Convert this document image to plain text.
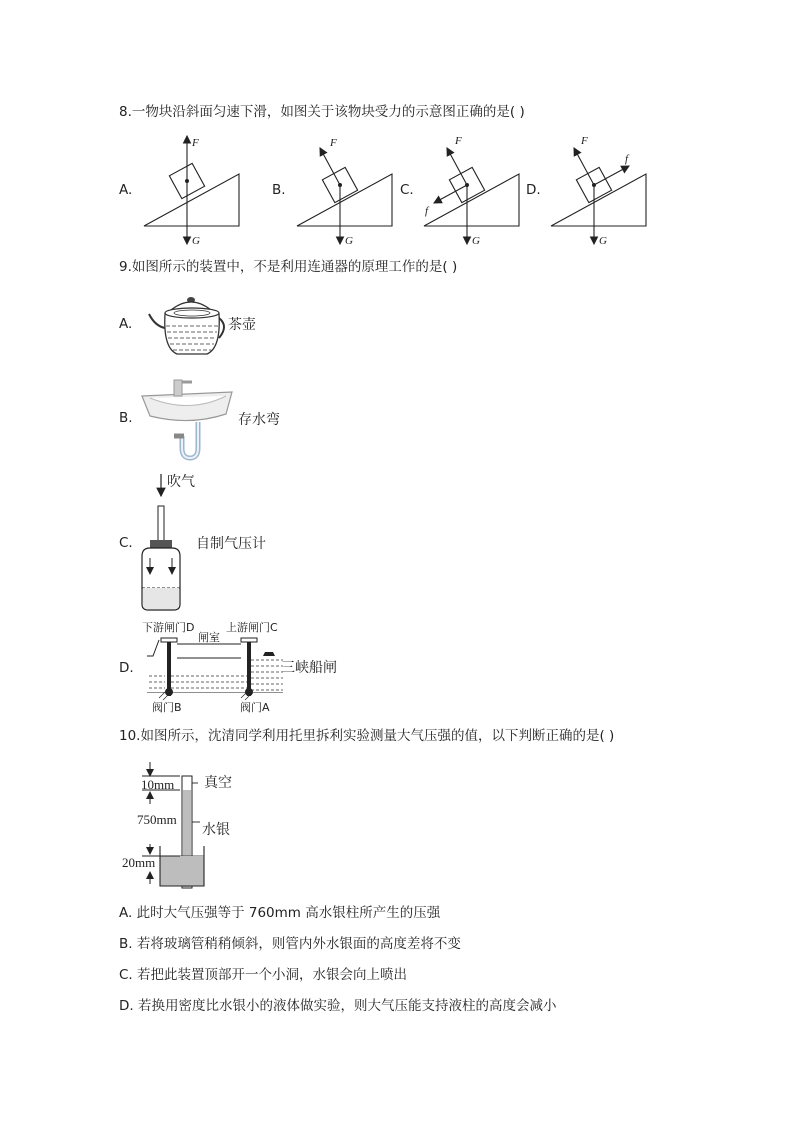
8.一物块沿斜面匀速下滑，如图关于该物块受力的示意图正确的是( )
A.
F
G
B.
F
G
C.
F
f
G
D.
F
f
G
9.如图所示的装置中，不是利用连通器的原理工作的是( )
A.	茶壶
B.	存水弯
C.
吹气
自制气压计
D.
下游闸门D	上游闸门C
闸室
阀门B	阀门A
三峡船闸
10.如图所示，沈清同学利用托里拆利实验测量大气压强的值，以下判断正确的是( )
10mm
750mm
20mm
真空
水银
A. 此时大气压强等于 760mm 高水银柱所产生的压强
B. 若将玻璃管稍稍倾斜，则管内外水银面的高度差将不变
C. 若把此装置顶部开一个小洞，水银会向上喷出
D. 若换用密度比水银小的液体做实验，则大气压能支持液柱的高度会减小
